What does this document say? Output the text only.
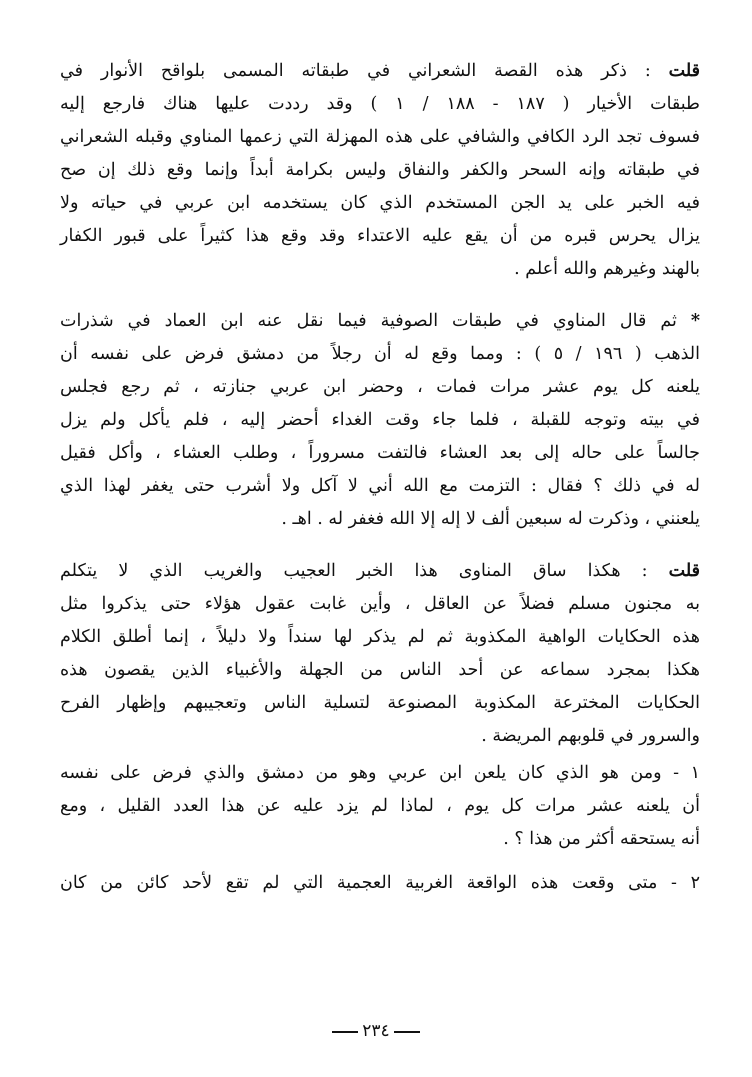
قلت : ذكر هذه القصة الشعراني في طبقاته المسمى بلواقح الأنوار في
طبقات الأخيار ( ١٨٧ - ١٨٨ / ١ ) وقد رددت عليها هناك فارجع إليه
فسوف تجد الرد الكافي والشافي على هذه المهزلة التي زعمها المناوي وقبله الشعراني
في طبقاته وإنه السحر والكفر والنفاق وليس بكرامة أبداً وإنما وقع ذلك إن صح
فيه الخبر على يد الجن المستخدم الذي كان يستخدمه ابن عربي في حياته ولا
يزال يحرس قبره من أن يقع عليه الاعتداء وقد وقع هذا كثيراً على قبور الكفار
بالهند وغيرهم والله أعلم .
* ثم قال المناوي في طبقات الصوفية فيما نقل عنه ابن العماد في شذرات
الذهب ( ١٩٦ / ٥ ) : ومما وقع له أن رجلاً من دمشق فرض على نفسه أن
يلعنه كل يوم عشر مرات فمات ، وحضر ابن عربي جنازته ، ثم رجع فجلس
في بيته وتوجه للقبلة ، فلما جاء وقت الغداء أحضر إليه ، فلم يأكل ولم يزل
جالساً على حاله إلى بعد العشاء فالتفت مسروراً ، وطلب العشاء ، وأكل فقيل
له في ذلك ؟ فقال : التزمت مع الله أني لا آكل ولا أشرب حتى يغفر لهذا الذي
يلعنني ، وذكرت له سبعين ألف لا إله إلا الله فغفر له . اهـ .
قلت : هكذا ساق المناوى هذا الخبر العجيب والغريب الذي لا يتكلم
به مجنون مسلم فضلاً عن العاقل ، وأين غابت عقول هؤلاء حتى يذكروا مثل
هذه الحكايات الواهية المكذوبة ثم لم يذكر لها سنداً ولا دليلاً ، إنما أطلق الكلام
هكذا بمجرد سماعه عن أحد الناس من الجهلة والأغبياء الذين يقصون هذه
الحكايات المخترعة المكذوبة المصنوعة لتسلية الناس وتعجيبهم وإظهار الفرح
والسرور في قلوبهم المريضة .
١ - ومن هو الذي كان يلعن ابن عربي وهو من دمشق والذي فرض على نفسه
أن يلعنه عشر مرات كل يوم ، لماذا لم يزد عليه عن هذا العدد القليل ، ومع
أنه يستحقه أكثر من هذا ؟ .
٢ - متى وقعت هذه الواقعة الغربية العجمية التي لم تقع لأحد كائن من كان
٢٣٤
